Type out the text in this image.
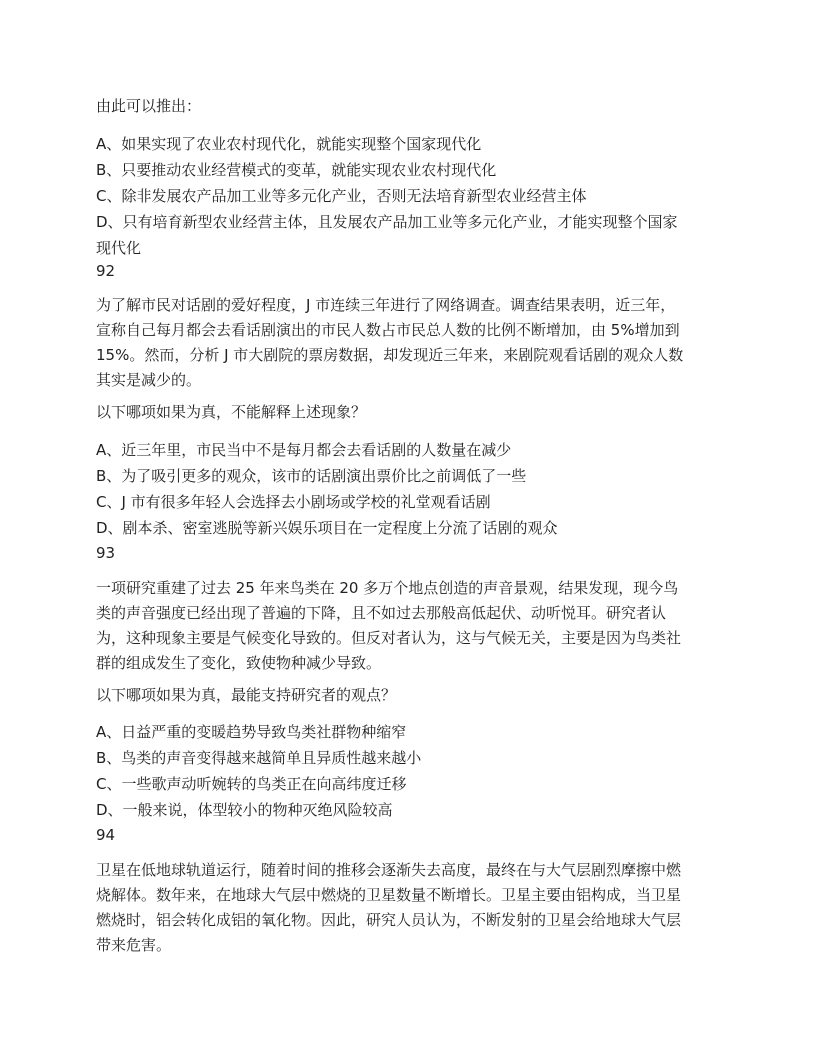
由此可以推出：
A、如果实现了农业农村现代化，就能实现整个国家现代化
B、只要推动农业经营模式的变革，就能实现农业农村现代化
C、除非发展农产品加工业等多元化产业，否则无法培育新型农业经营主体
D、只有培育新型农业经营主体，且发展农产品加工业等多元化产业，才能实现整个国家
现代化
92
为了解市民对话剧的爱好程度，J 市连续三年进行了网络调查。调查结果表明，近三年，
宣称自己每月都会去看话剧演出的市民人数占市民总人数的比例不断增加，由 5%增加到
15%。然而，分析 J 市大剧院的票房数据，却发现近三年来，来剧院观看话剧的观众人数
其实是减少的。
以下哪项如果为真，不能解释上述现象？
A、近三年里，市民当中不是每月都会去看话剧的人数量在减少
B、为了吸引更多的观众，该市的话剧演出票价比之前调低了一些
C、J 市有很多年轻人会选择去小剧场或学校的礼堂观看话剧
D、剧本杀、密室逃脱等新兴娱乐项目在一定程度上分流了话剧的观众
93
一项研究重建了过去 25 年来鸟类在 20 多万个地点创造的声音景观，结果发现，现今鸟
类的声音强度已经出现了普遍的下降，且不如过去那般高低起伏、动听悦耳。研究者认
为，这种现象主要是气候变化导致的。但反对者认为，这与气候无关，主要是因为鸟类社
群的组成发生了变化，致使物种减少导致。
以下哪项如果为真，最能支持研究者的观点？
A、日益严重的变暖趋势导致鸟类社群物种缩窄
B、鸟类的声音变得越来越简单且异质性越来越小
C、一些歌声动听婉转的鸟类正在向高纬度迁移
D、一般来说，体型较小的物种灭绝风险较高
94
卫星在低地球轨道运行，随着时间的推移会逐渐失去高度，最终在与大气层剧烈摩擦中燃
烧解体。数年来，在地球大气层中燃烧的卫星数量不断增长。卫星主要由铝构成，当卫星
燃烧时，铝会转化成铝的氧化物。因此，研究人员认为，不断发射的卫星会给地球大气层
带来危害。
